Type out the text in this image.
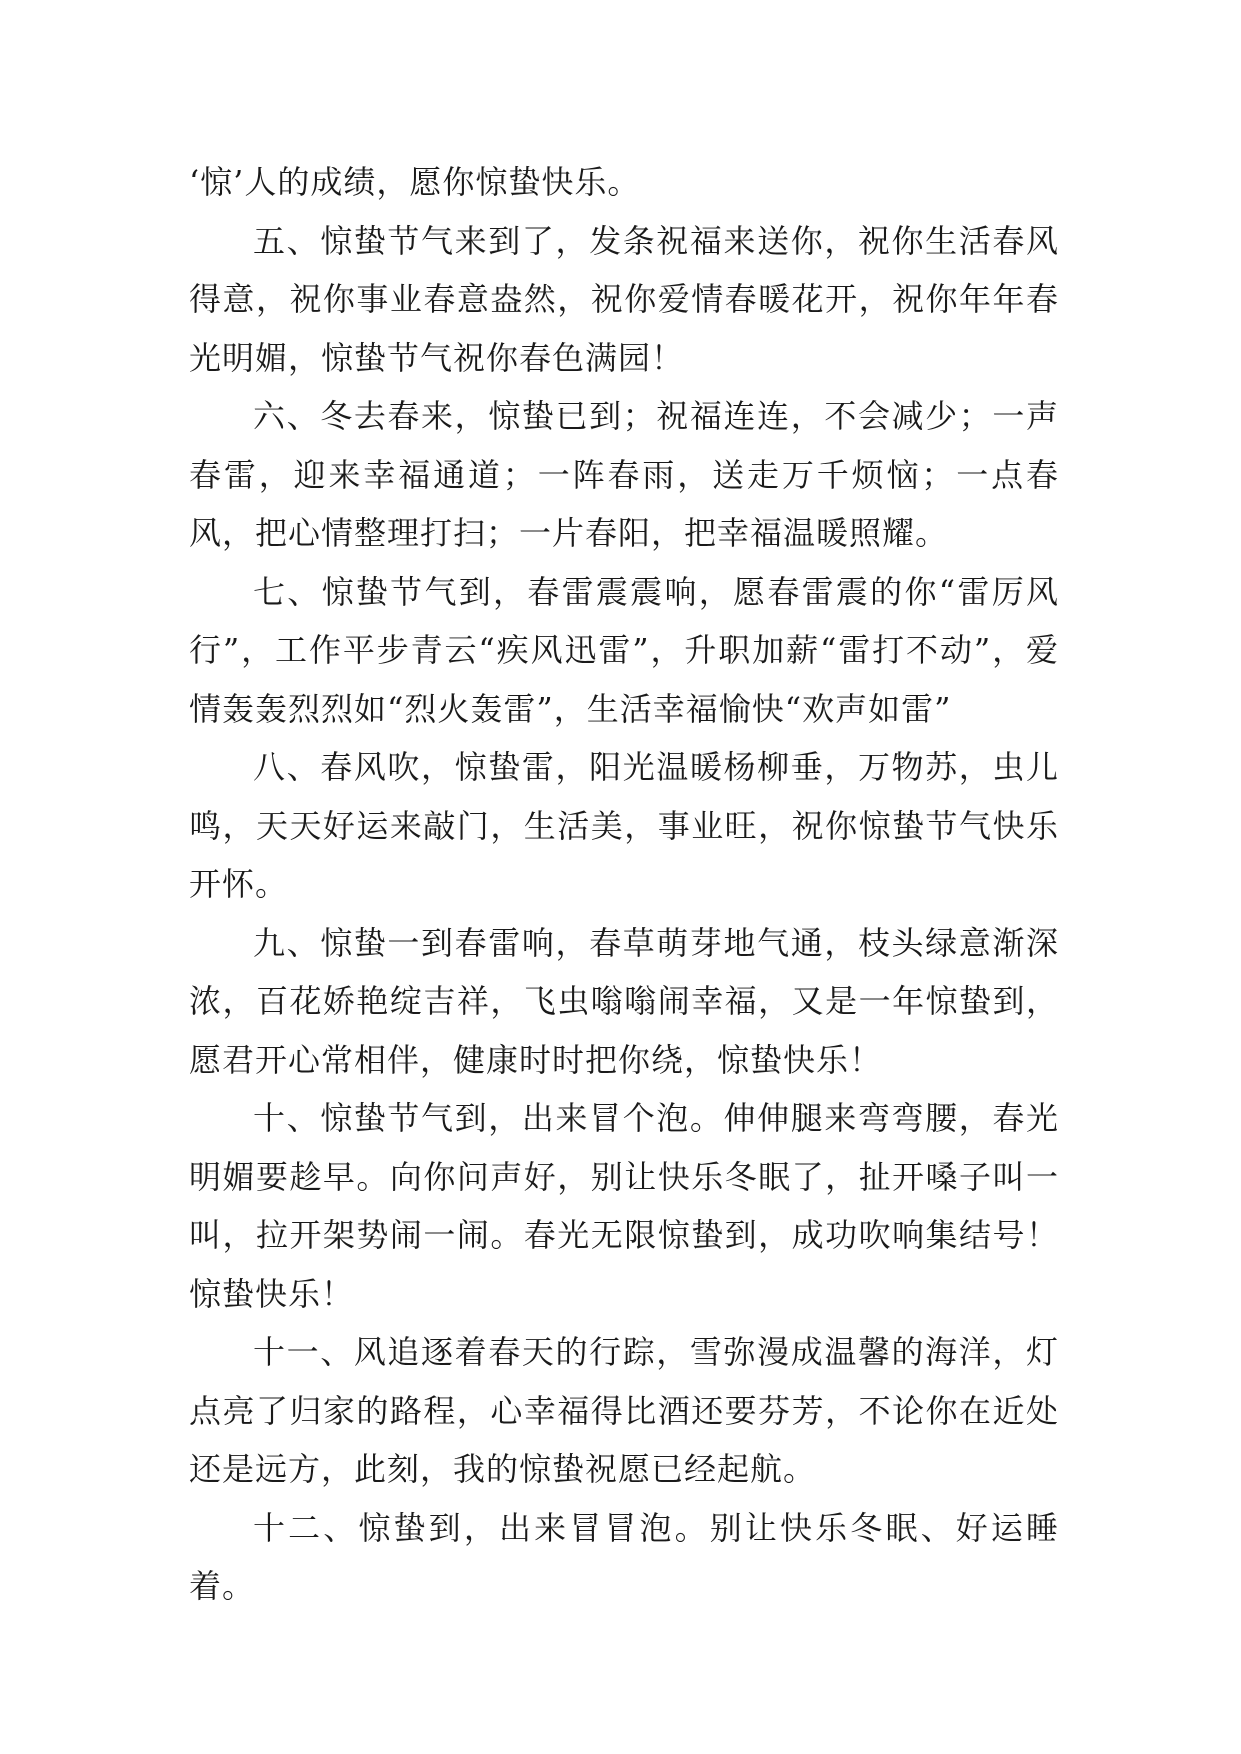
‘惊’人的成绩，愿你惊蛰快乐。

五、惊蛰节气来到了，发条祝福来送你，祝你生活春风得意，祝你事业春意盎然，祝你爱情春暖花开，祝你年年春光明媚，惊蛰节气祝你春色满园！

六、冬去春来，惊蛰已到；祝福连连，不会减少；一声春雷，迎来幸福通道；一阵春雨，送走万千烦恼；一点春风，把心情整理打扫；一片春阳，把幸福温暖照耀。

七、惊蛰节气到，春雷震震响，愿春雷震的你“雷厉风行”，工作平步青云“疾风迅雷”，升职加薪“雷打不动”，爱情轰轰烈烈如“烈火轰雷”，生活幸福愉快“欢声如雷”

八、春风吹，惊蛰雷，阳光温暖杨柳垂，万物苏，虫儿鸣，天天好运来敲门，生活美，事业旺，祝你惊蛰节气快乐开怀。

九、惊蛰一到春雷响，春草萌芽地气通，枝头绿意渐深浓，百花娇艳绽吉祥，飞虫嗡嗡闹幸福，又是一年惊蛰到，愿君开心常相伴，健康时时把你绕，惊蛰快乐！

十、惊蛰节气到，出来冒个泡。伸伸腿来弯弯腰，春光明媚要趁早。向你问声好，别让快乐冬眠了，扯开嗓子叫一叫，拉开架势闹一闹。春光无限惊蛰到，成功吹响集结号！惊蛰快乐！

十一、风追逐着春天的行踪，雪弥漫成温馨的海洋，灯点亮了归家的路程，心幸福得比酒还要芬芳，不论你在近处还是远方，此刻，我的惊蛰祝愿已经起航。

十二、惊蛰到，出来冒冒泡。别让快乐冬眠、好运睡着。
